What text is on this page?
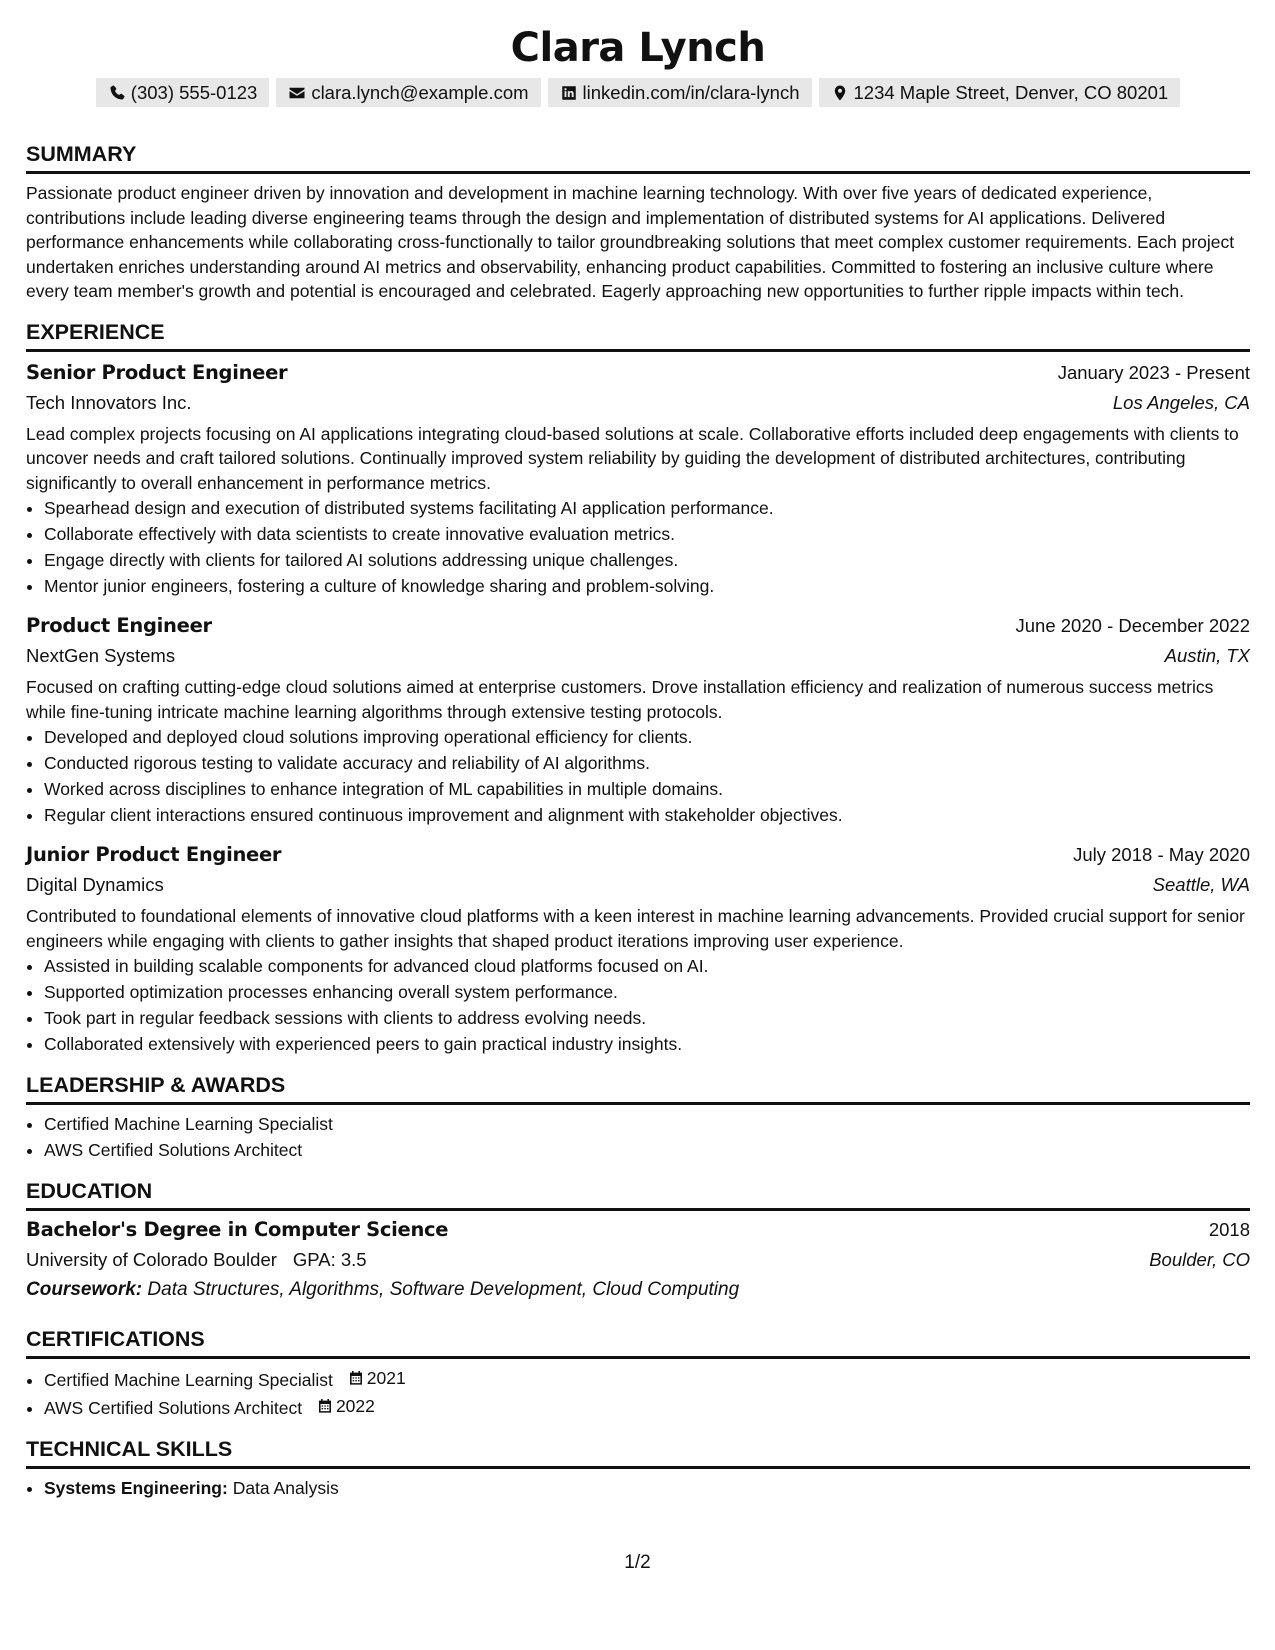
Clara Lynch
(303) 555-0123	clara.lynch@example.com	linkedin.com/in/clara-lynch	1234 Maple Street, Denver, CO 80201
SUMMARY

Passionate product engineer driven by innovation and development in machine learning technology. With over five years of dedicated experience, contributions include leading diverse engineering teams through the design and implementation of distributed systems for AI applications. Delivered performance enhancements while collaborating cross-functionally to tailor groundbreaking solutions that meet complex customer requirements. Each project undertaken enriches understanding around AI metrics and observability, enhancing product capabilities. Committed to fostering an inclusive culture where every team member's growth and potential is encouraged and celebrated. Eagerly approaching new opportunities to further ripple impacts within tech.

EXPERIENCE
Senior Product Engineer	January 2023 - Present
Tech Innovators Inc.	Los Angeles, CA

Lead complex projects focusing on AI applications integrating cloud-based solutions at scale. Collaborative efforts included deep engagements with clients to uncover needs and craft tailored solutions. Continually improved system reliability by guiding the development of distributed architectures, contributing significantly to overall enhancement in performance metrics.

• Spearhead design and execution of distributed systems facilitating AI application performance.
• Collaborate effectively with data scientists to create innovative evaluation metrics.
• Engage directly with clients for tailored AI solutions addressing unique challenges.
• Mentor junior engineers, fostering a culture of knowledge sharing and problem-solving.
Product Engineer	June 2020 - December 2022
NextGen Systems	Austin, TX

Focused on crafting cutting-edge cloud solutions aimed at enterprise customers. Drove installation efficiency and realization of numerous success metrics while fine-tuning intricate machine learning algorithms through extensive testing protocols.

• Developed and deployed cloud solutions improving operational efficiency for clients.
• Conducted rigorous testing to validate accuracy and reliability of AI algorithms.
• Worked across disciplines to enhance integration of ML capabilities in multiple domains.
• Regular client interactions ensured continuous improvement and alignment with stakeholder objectives.
Junior Product Engineer	July 2018 - May 2020
Digital Dynamics	Seattle, WA

Contributed to foundational elements of innovative cloud platforms with a keen interest in machine learning advancements. Provided crucial support for senior engineers while engaging with clients to gather insights that shaped product iterations improving user experience.

• Assisted in building scalable components for advanced cloud platforms focused on AI.
• Supported optimization processes enhancing overall system performance.
• Took part in regular feedback sessions with clients to address evolving needs.
• Collaborated extensively with experienced peers to gain practical industry insights.
LEADERSHIP & AWARDS
• Certified Machine Learning Specialist
• AWS Certified Solutions Architect
EDUCATION
Bachelor's Degree in Computer Science	2018
University of Colorado Boulder GPA: 3.5	Boulder, CO
Coursework: Data Structures, Algorithms, Software Development, Cloud Computing
CERTIFICATIONS
• Certified Machine Learning Specialist 2021
• AWS Certified Solutions Architect 2022
TECHNICAL SKILLS
• Systems Engineering: Data Analysis
1/2
